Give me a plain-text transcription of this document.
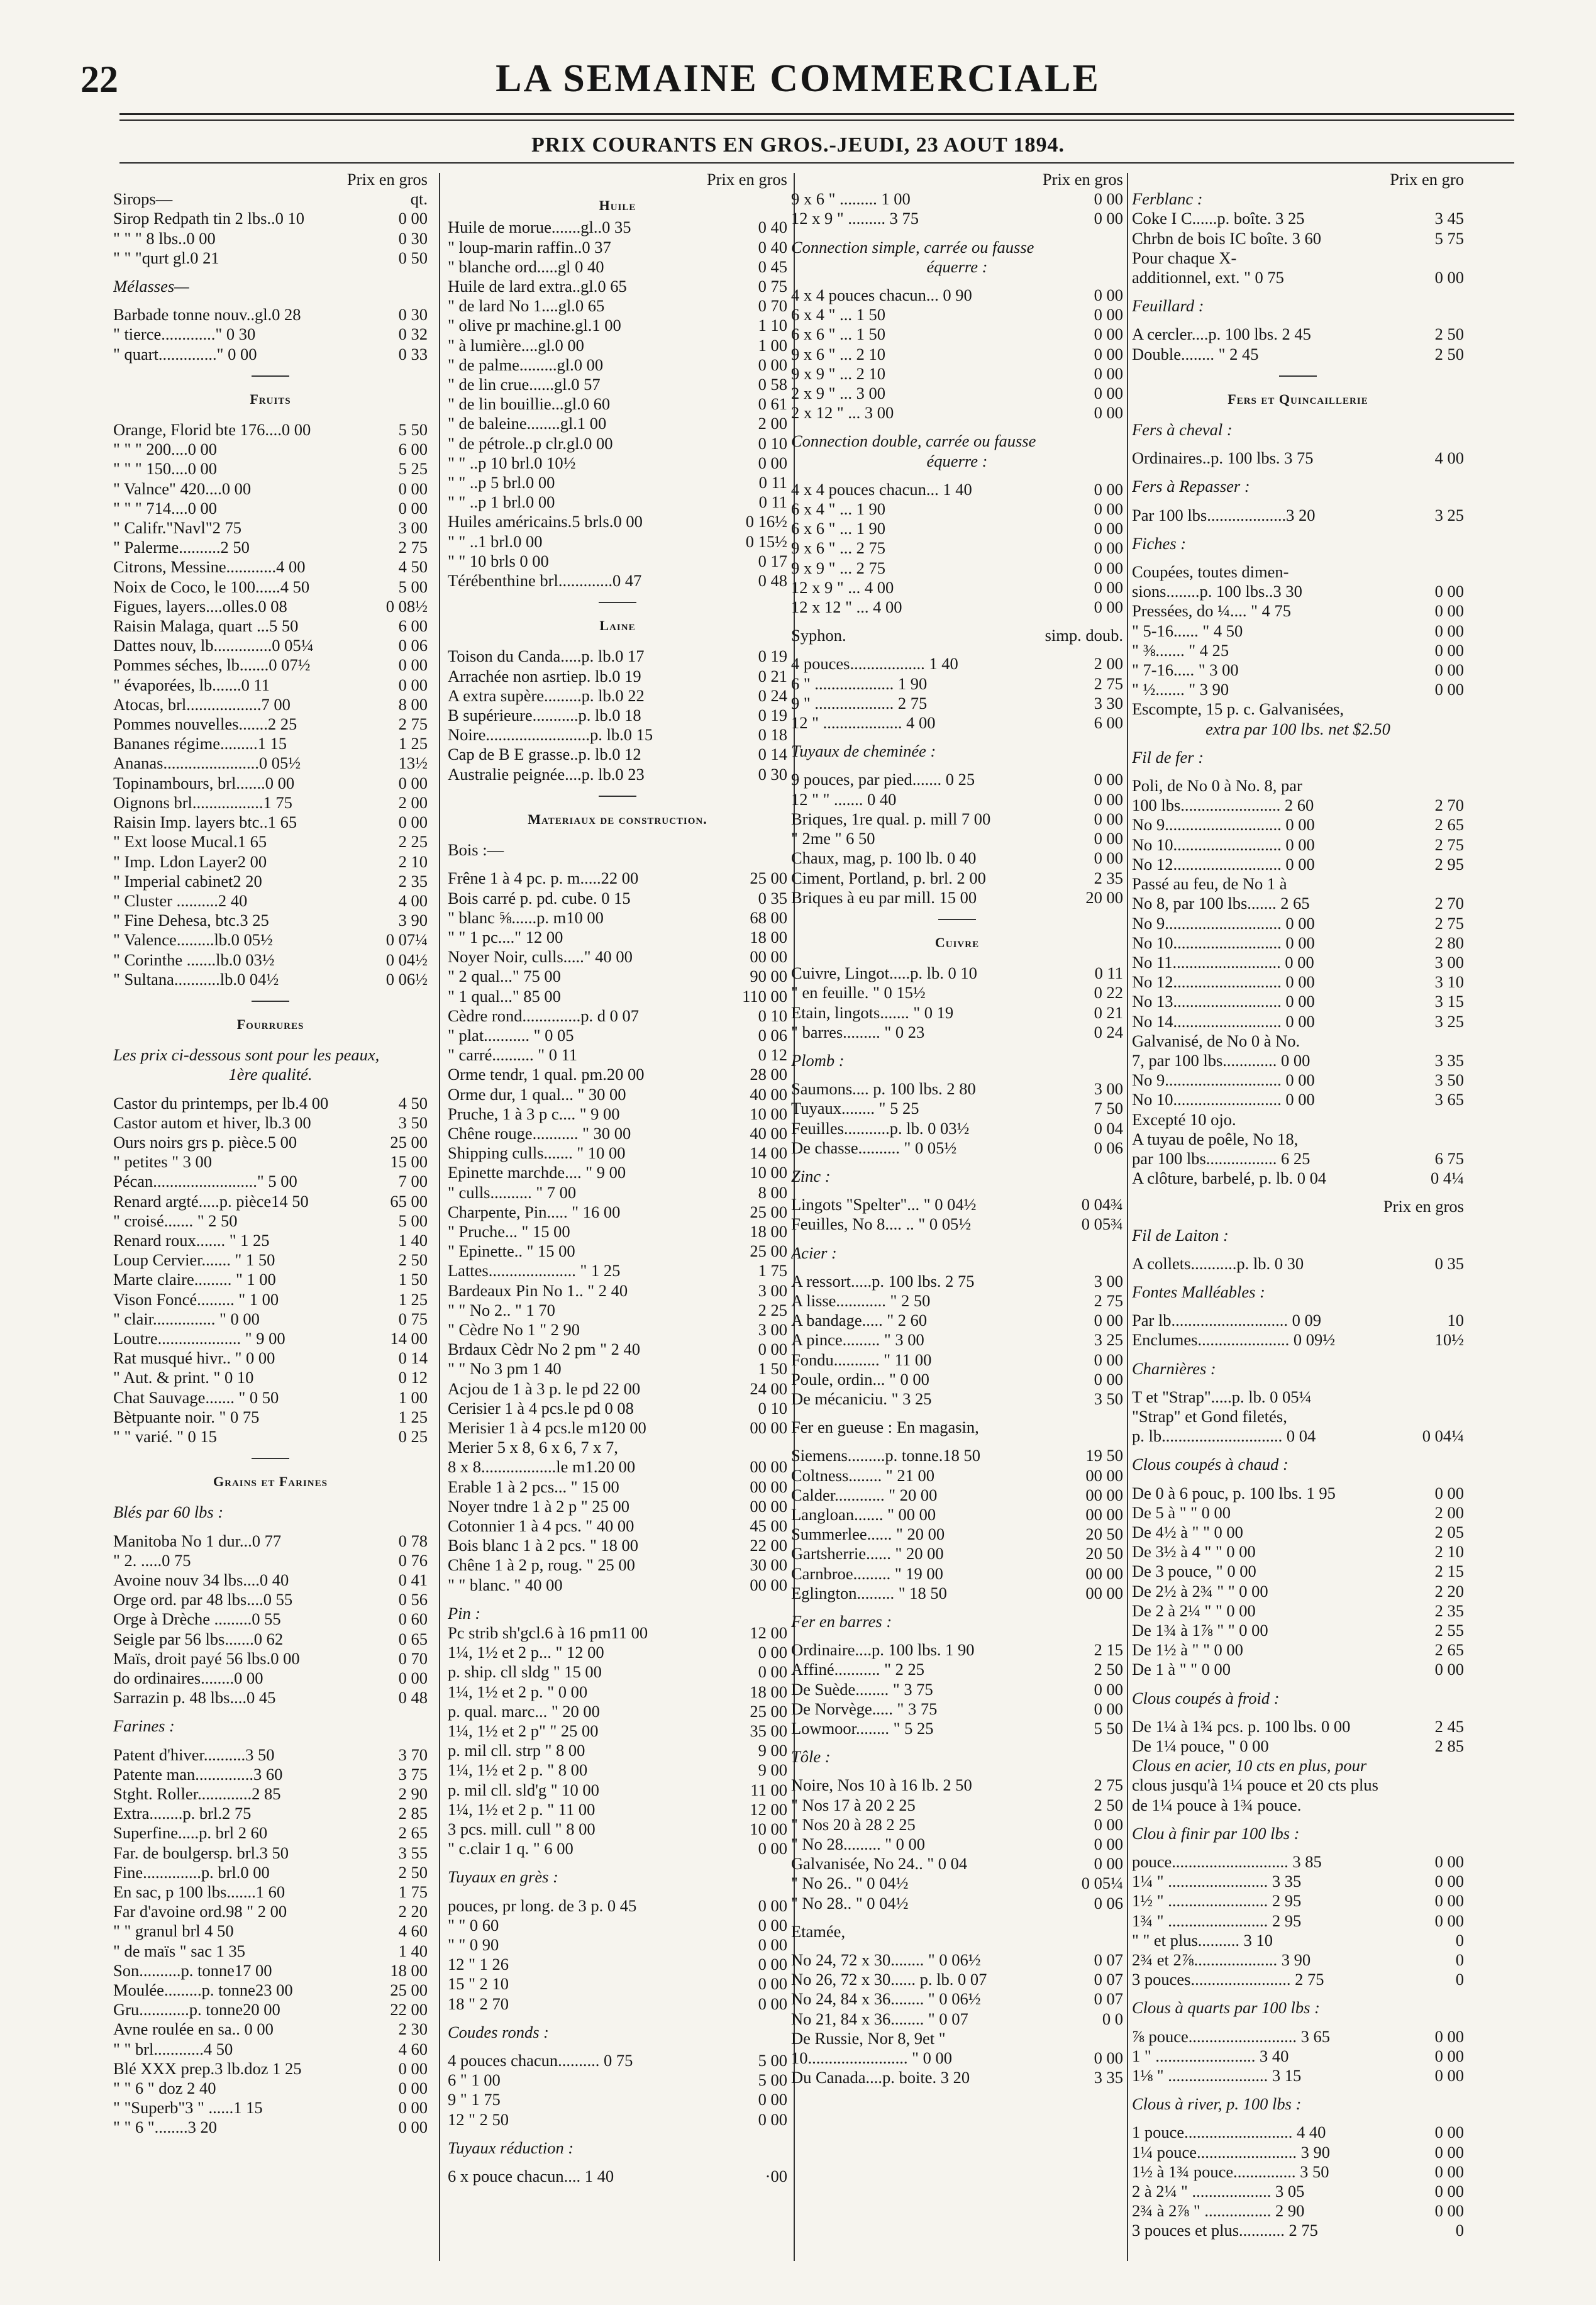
22	LA SEMAINE COMMERCIALE
PRIX COURANTS EN GROS.-JEUDI, 23 AOUT 1894.
Prix en gros
Sirops—	qt.
Sirop Redpath tin 2 lbs..0 10	0 00
" " " 8 lbs..0 00	0 30
" " "qurt gl.0 21	0 50
Mélasses—
Barbade tonne nouv..gl.0 28	0 30
" tierce............." 0 30	0 32
" quart.............." 0 00	0 33
Fruits
Orange, Florid bte 176....0 00	5 50
" " " 200....0 00	6 00
" " " 150....0 00	5 25
" Valnce" 420....0 00	0 00
" " " 714....0 00	0 00
" Califr."Navl"2 75	3 00
" Palerme..........2 50	2 75
Citrons, Messine............4 00	4 50
Noix de Coco, le 100......4 50	5 00
Figues, layers....olles.0 08	0 08½
Raisin Malaga, quart ...5 50	6 00
Dattes nouv, lb..............0 05¼	0 06
Pommes séches, lb.......0 07½	0 00
" évaporées, lb.......0 11	0 00
Atocas, brl..................7 00	8 00
Pommes nouvelles.......2 25	2 75
Bananes régime.........1 15	1 25
Ananas.......................0 05½	13½
Topinambours, brl.......0 00	0 00
Oignons brl.................1 75	2 00
Raisin Imp. layers btc..1 65	0 00
" Ext loose Mucal.1 65	2 25
" Imp. Ldon Layer2 00	2 10
" Imperial cabinet2 20	2 35
" Cluster ..........2 40	4 00
" Fine Dehesa, btc.3 25	3 90
" Valence.........lb.0 05½	0 07¼
" Corinthe .......lb.0 03½	0 04½
" Sultana...........lb.0 04½	0 06½
Fourrures
Les prix ci-dessous sont pour les peaux,
1ère qualité.
Castor du printemps, per lb.4 00	4 50
Castor autom et hiver, lb.3 00	3 50
Ours noirs grs p. pièce.5 00	25 00
" petites " 3 00	15 00
Pécan........................." 5 00	7 00
Renard argté.....p. pièce14 50	65 00
" croisé....... " 2 50	5 00
Renard roux....... " 1 25	1 40
Loup Cervier....... " 1 50	2 50
Marte claire......... " 1 00	1 50
Vison Foncé......... " 1 00	1 25
" clair............... " 0 00	0 75
Loutre.................... " 9 00	14 00
Rat musqué hivr.. " 0 00	0 14
" Aut. & print. " 0 10	0 12
Chat Sauvage....... " 0 50	1 00
Bètpuante noir. " 0 75	1 25
" " varié. " 0 15	0 25
Grains et Farines
Blés par 60 lbs :
Manitoba No 1 dur...0 77	0 78
" 2. .....0 75	0 76
Avoine nouv 34 lbs....0 40	0 41
Orge ord. par 48 lbs....0 55	0 56
Orge à Drèche .........0 55	0 60
Seigle par 56 lbs.......0 62	0 65
Maïs, droit payé 56 lbs.0 00	0 70
do ordinaires........0 00	0 00
Sarrazin p. 48 lbs....0 45	0 48
Farines :
Patent d'hiver..........3 50	3 70
Patente man..............3 60	3 75
Stght. Roller.............2 85	2 90
Extra........p. brl.2 75	2 85
Superfine.....p. brl 2 60	2 65
Far. de boulgersp. brl.3 50	3 55
Fine..............p. brl.0 00	2 50
En sac, p 100 lbs.......1 60	1 75
Far d'avoine ord.98 " 2 00	2 20
" " granul brl 4 50	4 60
" de maïs " sac 1 35	1 40
Son..........p. tonne17 00	18 00
Moulée.........p. tonne23 00	25 00
Gru............p. tonne20 00	22 00
Avne roulée en sa.. 0 00	2 30
" " brl............4 50	4 60
Blé XXX prep.3 lb.doz 1 25	0 00
" " 6 " doz 2 40	0 00
" "Superb"3 " ......1 15	0 00
" " 6 "........3 20	0 00
Prix en gros
Huile
Huile de morue.......gl..0 35	0 40
" loup-marin raffin..0 37	0 40
" blanche ord.....gl 0 40	0 45
Huile de lard extra..gl.0 65	0 75
" de lard No 1....gl.0 65	0 70
" olive pr machine.gl.1 00	1 10
" à lumière....gl.0 00	1 00
" de palme.........gl.0 00	0 00
" de lin crue......gl.0 57	0 58
" de lin bouillie...gl.0 60	0 61
" de baleine........gl.1 00	2 00
" de pétrole..p clr.gl.0 00	0 10
" " ..p 10 brl.0 10½	0 00
" " ..p 5 brl.0 00	0 11
" " ..p 1 brl.0 00	0 11
Huiles américains.5 brls.0 00	0 16½
" " ..1 brl.0 00	0 15½
" " 10 brls 0 00	0 17
Térébenthine brl.............0 47	0 48
Laine
Toison du Canda.....p. lb.0 17	0 19
Arrachée non asrtiep. lb.0 19	0 21
A extra supère.........p. lb.0 22	0 24
B supérieure...........p. lb.0 18	0 19
Noire.........................p. lb.0 15	0 18
Cap de B E grasse..p. lb.0 12	0 14
Australie peignée....p. lb.0 23	0 30
Materiaux de construction.
Bois :—
Frêne 1 à 4 pc. p. m.....22 00	25 00
Bois carré p. pd. cube. 0 15	0 35
" blanc ⅝......p. m10 00	68 00
" " 1 pc...." 12 00	18 00
Noyer Noir, culls....." 40 00	00 00
" 2 qual..." 75 00	90 00
" 1 qual..." 85 00	110 00
Cèdre rond..............p. d 0 07	0 10
" plat........... " 0 05	0 06
" carré.......... " 0 11	0 12
Orme tendr, 1 qual. pm.20 00	28 00
Orme dur, 1 qual... " 30 00	40 00
Pruche, 1 à 3 p c.... " 9 00	10 00
Chêne rouge........... " 30 00	40 00
Shipping culls....... " 10 00	14 00
Epinette marchde.... " 9 00	10 00
" culls.......... " 7 00	8 00
Charpente, Pin..... " 16 00	25 00
" Pruche... " 15 00	18 00
" Epinette.. " 15 00	25 00
Lattes..................... " 1 25	1 75
Bardeaux Pin No 1.. " 2 40	3 00
" " No 2.. " 1 70	2 25
" Cèdre No 1 " 2 90	3 00
Brdaux Cèdr No 2 pm " 2 40	0 00
" " No 3 pm 1 40	1 50
Acjou de 1 à 3 p. le pd 22 00	24 00
Cerisier 1 à 4 pcs.le pd 0 08	0 10
Merisier 1 à 4 pcs.le m120 00	00 00
Merier 5 x 8, 6 x 6, 7 x 7,
8 x 8..................le m1.20 00	00 00
Erable 1 à 2 pcs... " 15 00	00 00
Noyer tndre 1 à 2 p " 25 00	00 00
Cotonnier 1 à 4 pcs. " 40 00	45 00
Bois blanc 1 à 2 pcs. " 18 00	22 00
Chêne 1 à 2 p, roug. " 25 00	30 00
" " blanc. " 40 00	00 00
Pin :
Pc strib sh'gcl.6 à 16 pm11 00	12 00
1¼, 1½ et 2 p... " 12 00	0 00
p. ship. cll sldg " 15 00	0 00
1¼, 1½ et 2 p. " 0 00	18 00
p. qual. marc... " 20 00	25 00
1¼, 1½ et 2 p" " 25 00	35 00
p. mil cll. strp " 8 00	9 00
1¼, 1½ et 2 p. " 8 00	9 00
p. mil cll. sld'g " 10 00	11 00
1¼, 1½ et 2 p. " 11 00	12 00
3 pcs. mill. cull " 8 00	10 00
" c.clair 1 q. " 6 00	0 00
Tuyaux en grès :
pouces, pr long. de 3 p. 0 45	0 00
" " 0 60	0 00
" " 0 90	0 00
12 " 1 26	0 00
15 " 2 10	0 00
18 " 2 70	0 00
Coudes ronds :
4 pouces chacun.......... 0 75	5 00
6 " 1 00	5 00
9 " 1 75	0 00
12 " 2 50	0 00
Tuyaux réduction :
6 x pouce chacun.... 1 40	·00
Prix en gros
9 x 6 " ......... 1 00	0 00
12 x 9 " ......... 3 75	0 00
Connection simple, carrée ou fausse
équerre :
4 x 4 pouces chacun... 0 90	0 00
6 x 4 " ... 1 50	0 00
6 x 6 " ... 1 50	0 00
9 x 6 " ... 2 10	0 00
9 x 9 " ... 2 10	0 00
2 x 9 " ... 3 00	0 00
2 x 12 " ... 3 00	0 00
Connection double, carrée ou fausse
équerre :
4 x 4 pouces chacun... 1 40	0 00
6 x 4 " ... 1 90	0 00
6 x 6 " ... 1 90	0 00
9 x 6 " ... 2 75	0 00
9 x 9 " ... 2 75	0 00
12 x 9 " ... 4 00	0 00
12 x 12 " ... 4 00	0 00
Syphon.	simp. doub.
4 pouces.................. 1 40	2 00
6 " ................... 1 90	2 75
9 " ................... 2 75	3 30
12 " ................... 4 00	6 00
Tuyaux de cheminée :
9 pouces, par pied....... 0 25	0 00
12 " " ....... 0 40	0 00
Briques, 1re qual. p. mill 7 00	0 00
" 2me " 6 50	0 00
Chaux, mag, p. 100 lb. 0 40	0 00
Ciment, Portland, p. brl. 2 00	2 35
Briques à eu par mill. 15 00	20 00
Cuivre
Cuivre, Lingot.....p. lb. 0 10	0 11
" en feuille. " 0 15½	0 22
Etain, lingots....... " 0 19	0 21
" barres......... " 0 23	0 24
Plomb :
Saumons.... p. 100 lbs. 2 80	3 00
Tuyaux........ " 5 25	7 50
Feuilles...........p. lb. 0 03½	0 04
De chasse.......... " 0 05½	0 06
Zinc :
Lingots "Spelter"... " 0 04½	0 04¾
Feuilles, No 8.... .. " 0 05½	0 05¾
Acier :
A ressort.....p. 100 lbs. 2 75	3 00
A lisse............ " 2 50	2 75
A bandage..... " 2 60	0 00
A pince......... " 3 00	3 25
Fondu........... " 11 00	0 00
Poule, ordin... " 0 00	0 00
De mécaniciu. " 3 25	3 50
Fer en gueuse : En magasin,
Siemens.........p. tonne.18 50	19 50
Coltness........ " 21 00	00 00
Calder............ " 20 00	00 00
Langloan....... " 00 00	00 00
Summerlee...... " 20 00	20 50
Gartsherrie...... " 20 00	20 50
Carnbroe......... " 19 00	00 00
Eglington......... " 18 50	00 00
Fer en barres :
Ordinaire....p. 100 lbs. 1 90	2 15
Affiné........... " 2 25	2 50
De Suède........ " 3 75	0 00
De Norvège..... " 3 75	0 00
Lowmoor........ " 5 25	5 50
Tôle :
Noire, Nos 10 à 16 lb. 2 50	2 75
" Nos 17 à 20 2 25	2 50
" Nos 20 à 28 2 25	0 00
" No 28......... " 0 00	0 00
Galvanisée, No 24.. " 0 04	0 00
" No 26.. " 0 04½	0 05¼
" No 28.. " 0 04½	0 06
Etamée,
No 24, 72 x 30........ " 0 06½	0 07
No 26, 72 x 30...... p. lb. 0 07	0 07
No 24, 84 x 36........ " 0 06½	0 07
No 21, 84 x 36........ " 0 07	0 0
De Russie, Nor 8, 9et "
10........................ " 0 00	0 00
Du Canada....p. boite. 3 20	3 35
Prix en gro
Ferblanc :
Coke I C......p. boîte. 3 25	3 45
Chrbn de bois IC boîte. 3 60	5 75
Pour chaque X-
additionnel, ext. " 0 75	0 00
Feuillard :
A cercler....p. 100 lbs. 2 45	2 50
Double........ " 2 45	2 50
Fers et Quincaillerie
Fers à cheval :
Ordinaires..p. 100 lbs. 3 75	4 00
Fers à Repasser :
Par 100 lbs...................3 20	3 25
Fiches :
Coupées, toutes dimen-
sions........p. 100 lbs..3 30	0 00
Pressées, do ¼.... " 4 75	0 00
" 5-16...... " 4 50	0 00
" ⅜....... " 4 25	0 00
" 7-16..... " 3 00	0 00
" ½....... " 3 90	0 00
Escompte, 15 p. c. Galvanisées,
extra par 100 lbs. net $2.50
Fil de fer :
Poli, de No 0 à No. 8, par
100 lbs........................ 2 60	2 70
No 9............................ 0 00	2 65
No 10.......................... 0 00	2 75
No 12.......................... 0 00	2 95
Passé au feu, de No 1 à
No 8, par 100 lbs....... 2 65	2 70
No 9............................ 0 00	2 75
No 10.......................... 0 00	2 80
No 11.......................... 0 00	3 00
No 12.......................... 0 00	3 10
No 13.......................... 0 00	3 15
No 14.......................... 0 00	3 25
Galvanisé, de No 0 à No.
7, par 100 lbs............. 0 00	3 35
No 9............................ 0 00	3 50
No 10.......................... 0 00	3 65
Excepté 10 ojo.
A tuyau de poêle, No 18,
par 100 lbs................. 6 25	6 75
A clôture, barbelé, p. lb. 0 04	0 4¼
Prix en gros
Fil de Laiton :
A collets...........p. lb. 0 30	0 35
Fontes Malléables :
Par lb............................ 0 09	10
Enclumes...................... 0 09½	10½
Charnières :
T et "Strap".....p. lb. 0 05¼
"Strap" et Gond filetés,
p. lb............................. 0 04	0 04¼
Clous coupés à chaud :
De 0 à 6 pouc, p. 100 lbs. 1 95	0 00
De 5 à " " 0 00	2 00
De 4½ à " " 0 00	2 05
De 3½ à 4 " " 0 00	2 10
De 3 pouce, " 0 00	2 15
De 2½ à 2¾ " " 0 00	2 20
De 2 à 2¼ " " 0 00	2 35
De 1¾ à 1⅞ " " 0 00	2 55
De 1½ à " " 0 00	2 65
De 1 à " " 0 00	0 00
Clous coupés à froid :
De 1¼ à 1¾ pcs. p. 100 lbs. 0 00	2 45
De 1¼ pouce, " 0 00	2 85
Clous en acier, 10 cts en plus, pour
clous jusqu'à 1¼ pouce et 20 cts plus
de 1¼ pouce à 1¾ pouce.
Clou à finir par 100 lbs :
pouce............................ 3 85	0 00
1¼ " ........................ 3 35	0 00
1½ " ........................ 2 95	0 00
1¾ " ........................ 2 95	0 00
" " et plus.......... 3 10	0
2¾ et 2⅞.................... 3 90	0
3 pouces........................ 2 75	0
Clous à quarts par 100 lbs :
⅞ pouce.......................... 3 65	0 00
1 " ........................ 3 40	0 00
1⅛ " ........................ 3 15	0 00
Clous à river, p. 100 lbs :
1 pouce.......................... 4 40	0 00
1¼ pouce........................ 3 90	0 00
1½ à 1¾ pouce............... 3 50	0 00
2 à 2¼ " ................... 3 05	0 00
2¾ à 2⅞ " ................ 2 90	0 00
3 pouces et plus........... 2 75	0
